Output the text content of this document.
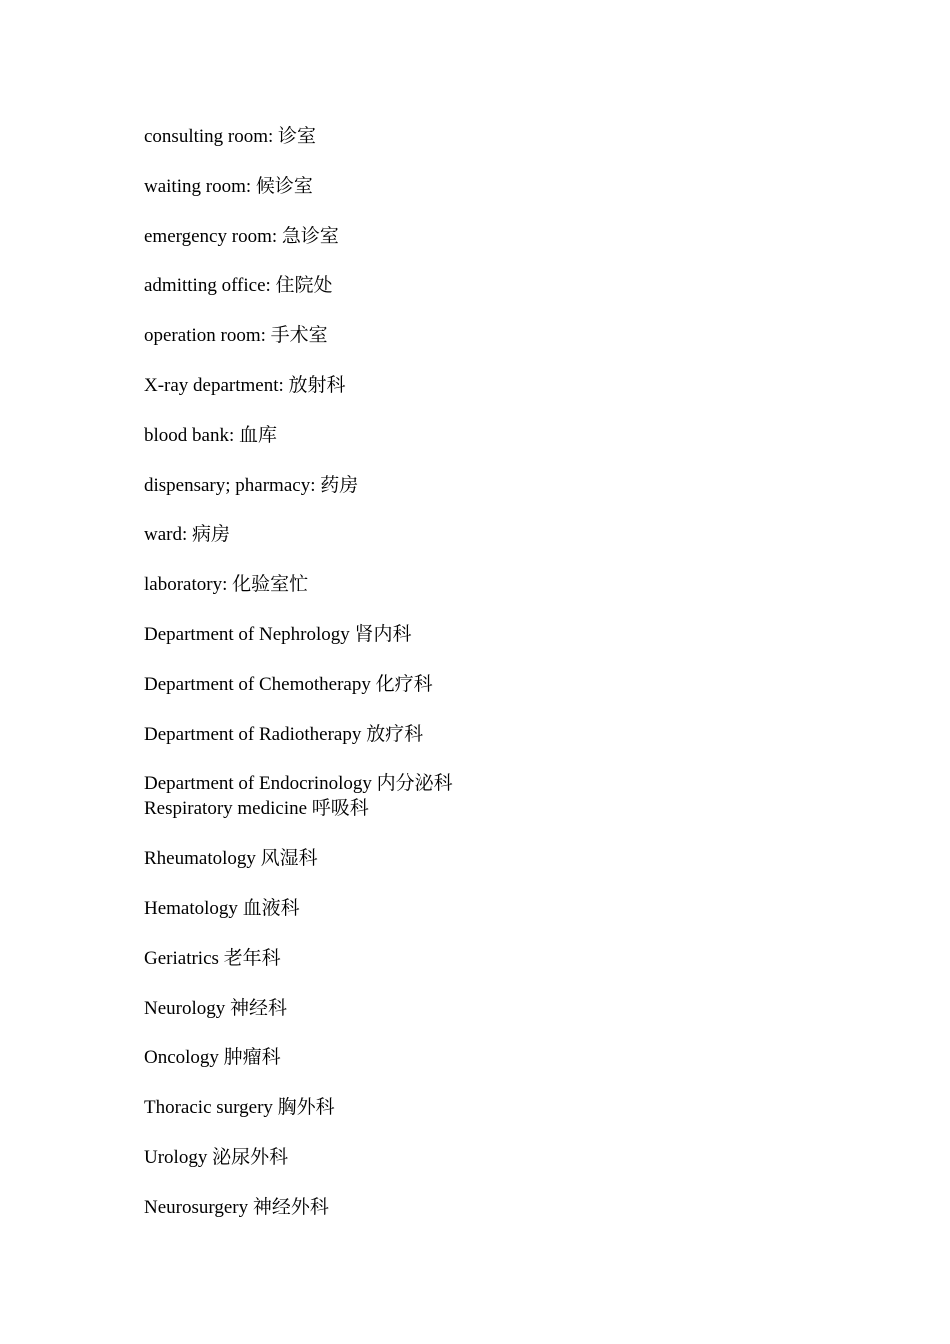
consulting room: 诊室
waiting room: 候诊室
emergency room: 急诊室
admitting office: 住院处
operation room: 手术室
X-ray department: 放射科
blood bank: 血库
dispensary; pharmacy: 药房
ward: 病房
laboratory: 化验室忙
Department of Nephrology 肾内科
Department of Chemotherapy 化疗科
Department of Radiotherapy 放疗科
Department of Endocrinology 内分泌科
Respiratory medicine 呼吸科
Rheumatology 风湿科
Hematology 血液科
Geriatrics 老年科
Neurology 神经科
Oncology 肿瘤科
Thoracic surgery 胸外科
Urology 泌尿外科
Neurosurgery 神经外科
